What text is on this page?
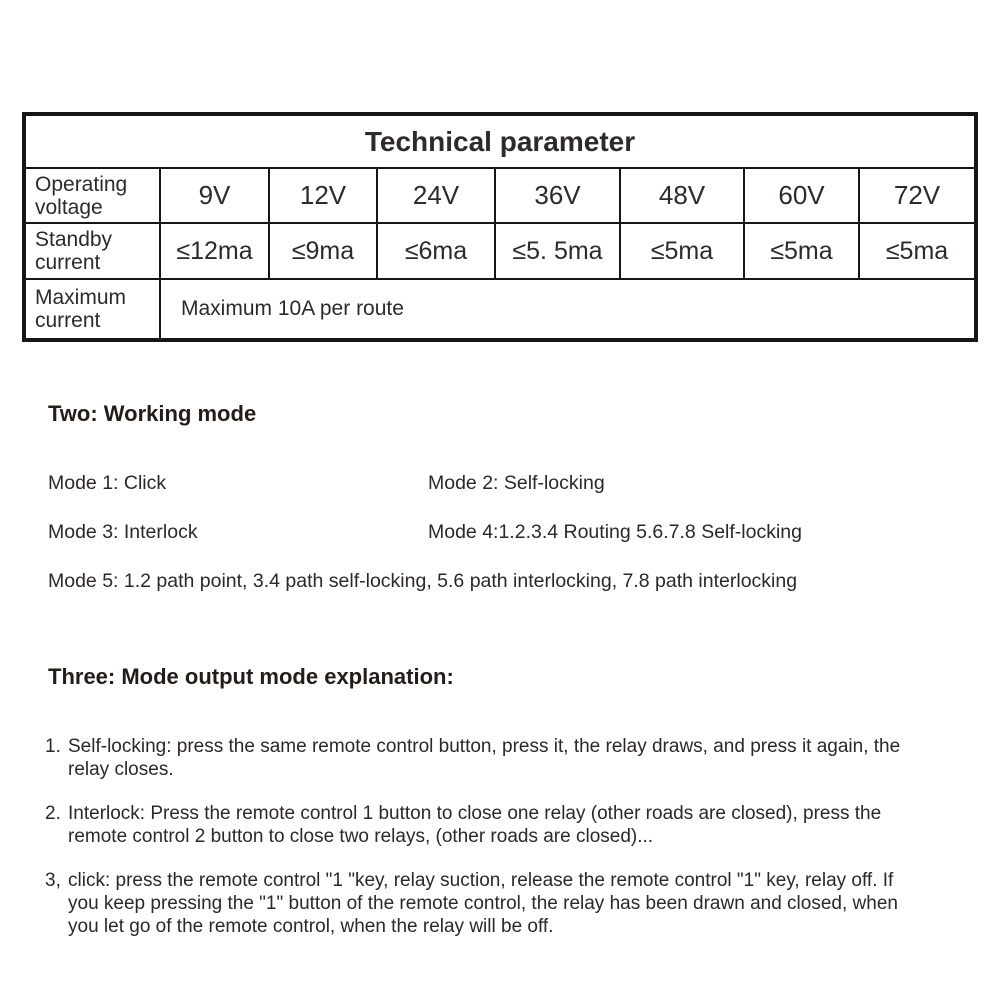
Technical parameter							
Operating voltage	9V	12V	24V	36V	48V	60V	72V
Standby current	≤12ma	≤9ma	≤6ma	≤5. 5ma	≤5ma	≤5ma	≤5ma
Maximum current	Maximum 10A per route						
Two: Working mode
Mode 1: Click	Mode 2: Self-locking
Mode 3: Interlock	Mode 4:1.2.3.4 Routing 5.6.7.8 Self-locking
Mode 5: 1.2 path point, 3.4 path self-locking, 5.6 path interlocking, 7.8 path interlocking
Three: Mode output mode explanation:
1. Self-locking: press the same remote control button, press it, the relay draws, and press it again, the relay closes.
2. Interlock: Press the remote control 1 button to close one relay (other roads are closed), press the remote control 2 button to close two relays, (other roads are closed)...
3, click: press the remote control "1 "key, relay suction, release the remote control "1" key, relay off. If you keep pressing the "1" button of the remote control, the relay has been drawn and closed, when you let go of the remote control, when the relay will be off.
